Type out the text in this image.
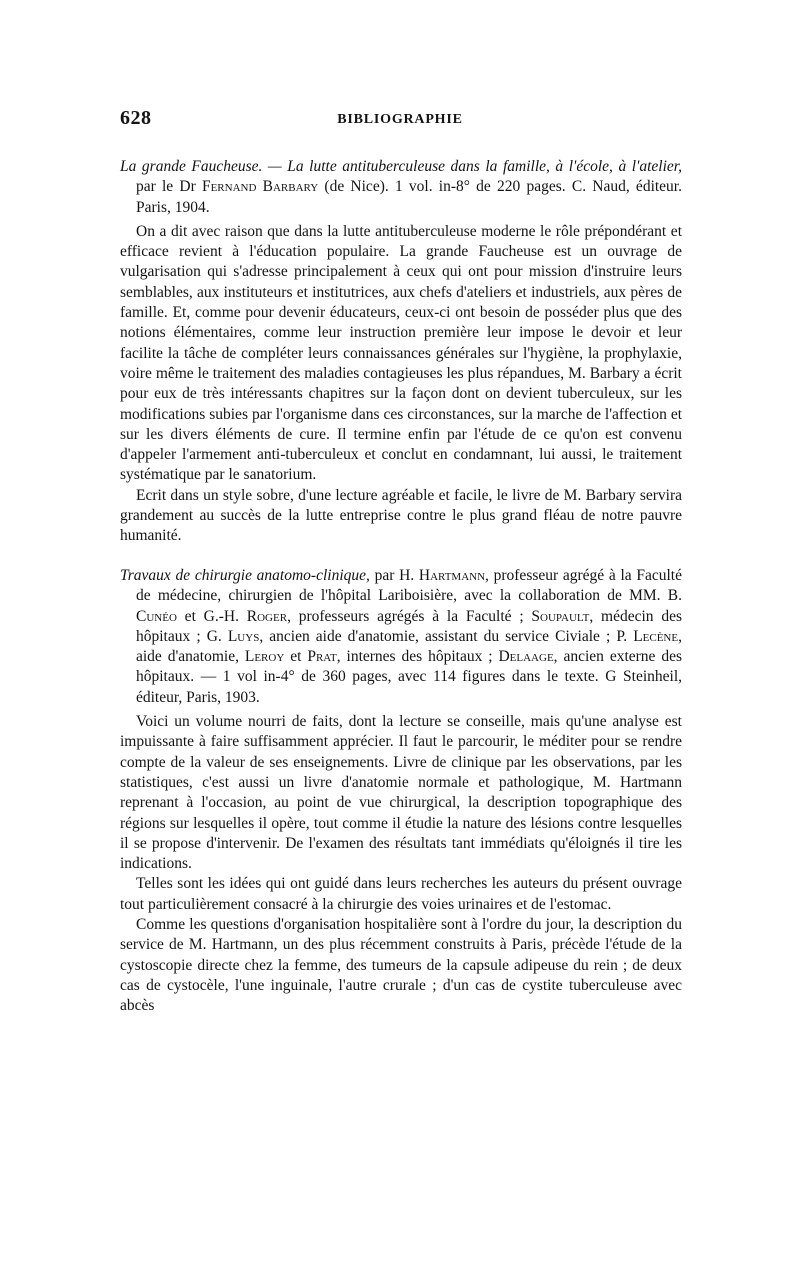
628	BIBLIOGRAPHIE

La grande Faucheuse. — La lutte antituberculeuse dans la famille, à l'école, à l'atelier, par le Dr Fernand Barbary (de Nice). 1 vol. in-8° de 220 pages. C. Naud, éditeur. Paris, 1904.

On a dit avec raison que dans la lutte antituberculeuse moderne le rôle prépondérant et efficace revient à l'éducation populaire. La grande Faucheuse est un ouvrage de vulgarisation qui s'adresse principalement à ceux qui ont pour mission d'instruire leurs semblables, aux instituteurs et institutrices, aux chefs d'ateliers et industriels, aux pères de famille. Et, comme pour devenir éducateurs, ceux-ci ont besoin de posséder plus que des notions élémentaires, comme leur instruction première leur impose le devoir et leur facilite la tâche de compléter leurs connaissances générales sur l'hygiène, la prophylaxie, voire même le traitement des maladies contagieuses les plus répandues, M. Barbary a écrit pour eux de très intéressants chapitres sur la façon dont on devient tuberculeux, sur les modifications subies par l'organisme dans ces circonstances, sur la marche de l'affection et sur les divers éléments de cure. Il termine enfin par l'étude de ce qu'on est convenu d'appeler l'armement anti-tuberculeux et conclut en condamnant, lui aussi, le traitement systématique par le sanatorium.

Ecrit dans un style sobre, d'une lecture agréable et facile, le livre de M. Barbary servira grandement au succès de la lutte entreprise contre le plus grand fléau de notre pauvre humanité.

Travaux de chirurgie anatomo-clinique, par H. Hartmann, professeur agrégé à la Faculté de médecine, chirurgien de l'hôpital Lariboisière, avec la collaboration de MM. B. Cunéo et G.-H. Roger, professeurs agrégés à la Faculté ; Soupault, médecin des hôpitaux ; G. Luys, ancien aide d'anatomie, assistant du service Civiale ; P. Lecène, aide d'anatomie, Leroy et Prat, internes des hôpitaux ; Delaage, ancien externe des hôpitaux. — 1 vol in-4° de 360 pages, avec 114 figures dans le texte. G Steinheil, éditeur, Paris, 1903.

Voici un volume nourri de faits, dont la lecture se conseille, mais qu'une analyse est impuissante à faire suffisamment apprécier. Il faut le parcourir, le méditer pour se rendre compte de la valeur de ses enseignements. Livre de clinique par les observations, par les statistiques, c'est aussi un livre d'anatomie normale et pathologique, M. Hartmann reprenant à l'occasion, au point de vue chirurgical, la description topographique des régions sur lesquelles il opère, tout comme il étudie la nature des lésions contre lesquelles il se propose d'intervenir. De l'examen des résultats tant immédiats qu'éloignés il tire les indications.

Telles sont les idées qui ont guidé dans leurs recherches les auteurs du présent ouvrage tout particulièrement consacré à la chirurgie des voies urinaires et de l'estomac.

Comme les questions d'organisation hospitalière sont à l'ordre du jour, la description du service de M. Hartmann, un des plus récemment construits à Paris, précède l'étude de la cystoscopie directe chez la femme, des tumeurs de la capsule adipeuse du rein ; de deux cas de cystocèle, l'une inguinale, l'autre crurale ; d'un cas de cystite tuberculeuse avec abcès
